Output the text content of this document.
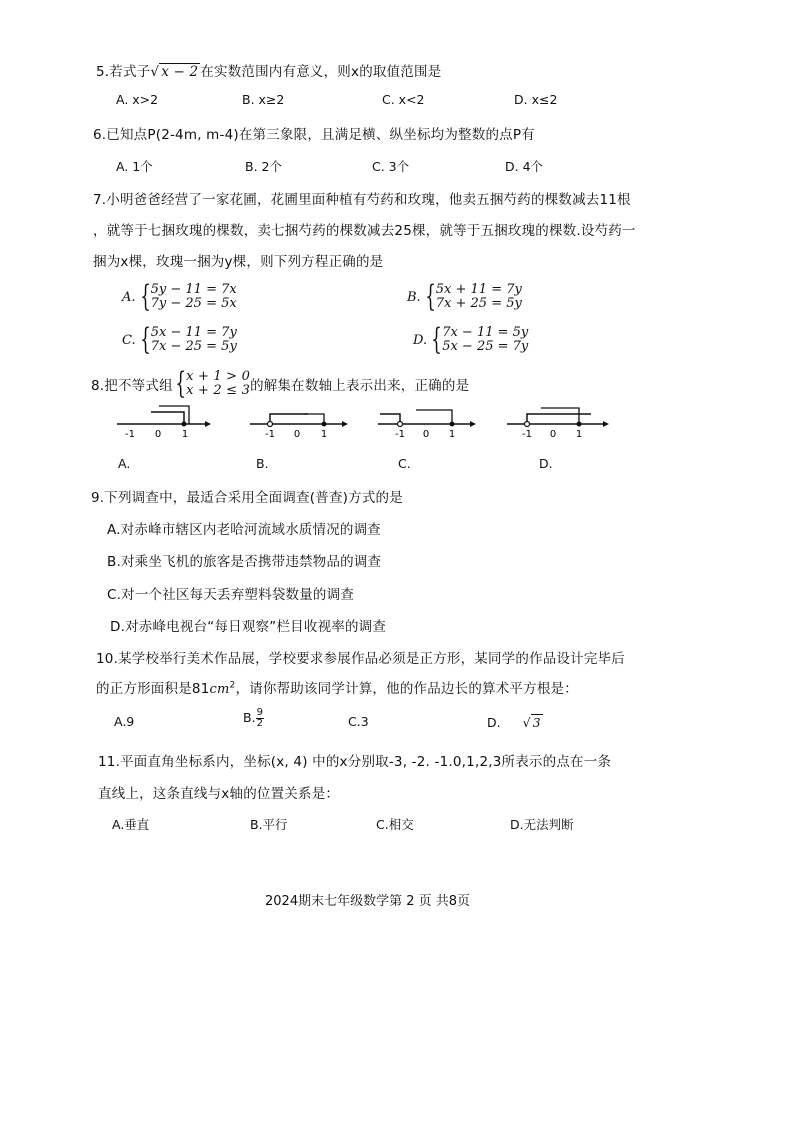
5.若式子√ x − 2 在实数范围内有意义，则x的取值范围是
A. x>2	B. x≥2	C. x<2	D. x≤2
6.已知点P(2-4m, m-4)在第三象限，且满足横、纵坐标均为整数的点P有
A. 1个	B. 2个	C. 3个	D. 4个
7.小明爸爸经营了一家花圃，花圃里面种植有芍药和玫瑰，他卖五捆芍药的棵数减去11根
，就等于七捆玫瑰的棵数，卖七捆芍药的棵数减去25棵，就等于五捆玫瑰的棵数.设芍药一
捆为x棵，玫瑰一捆为y棵，则下列方程正确的是
A. { 5y − 11 = 7x
7y − 25 = 5x	B. { 5x + 11 = 7y
7x + 25 = 5y
C. { 5x − 11 = 7y
7x − 25 = 5y	D. { 7x − 11 = 5y
5x − 25 = 7y
8.把不等式组 { x + 1 > 0
x + 2 ≤ 3 的解集在数轴上表示出来，正确的是
-1 0 1	-1 0 1	-1 0 1	-1 0 1
A.	B.	C.	D.
9.下列调查中，最适合采用全面调查(普查)方式的是
A.对赤峰市辖区内老哈河流域水质情况的调查
B.对乘坐飞机的旅客是否携带违禁物品的调查
C.对一个社区每天丢弃塑料袋数量的调查
D.对赤峰电视台“每日观察”栏目收视率的调查
10.某学校举行美术作品展，学校要求参展作品必须是正方形，某同学的作品设计完毕后
的正方形面积是$81cm^2$，请你帮助该同学计算，他的作品边长的算术平方根是：
A.9	B. $\frac{9}{2}$	C.3	D. √ 3
11.平面直角坐标系内，坐标(x, 4) 中的x分别取-3, -2. -1.0,1,2,3所表示的点在一条
直线上，这条直线与x轴的位置关系是：
A.垂直	B.平行	C.相交	D.无法判断
2024期末七年级数学第 2 页 共8页
